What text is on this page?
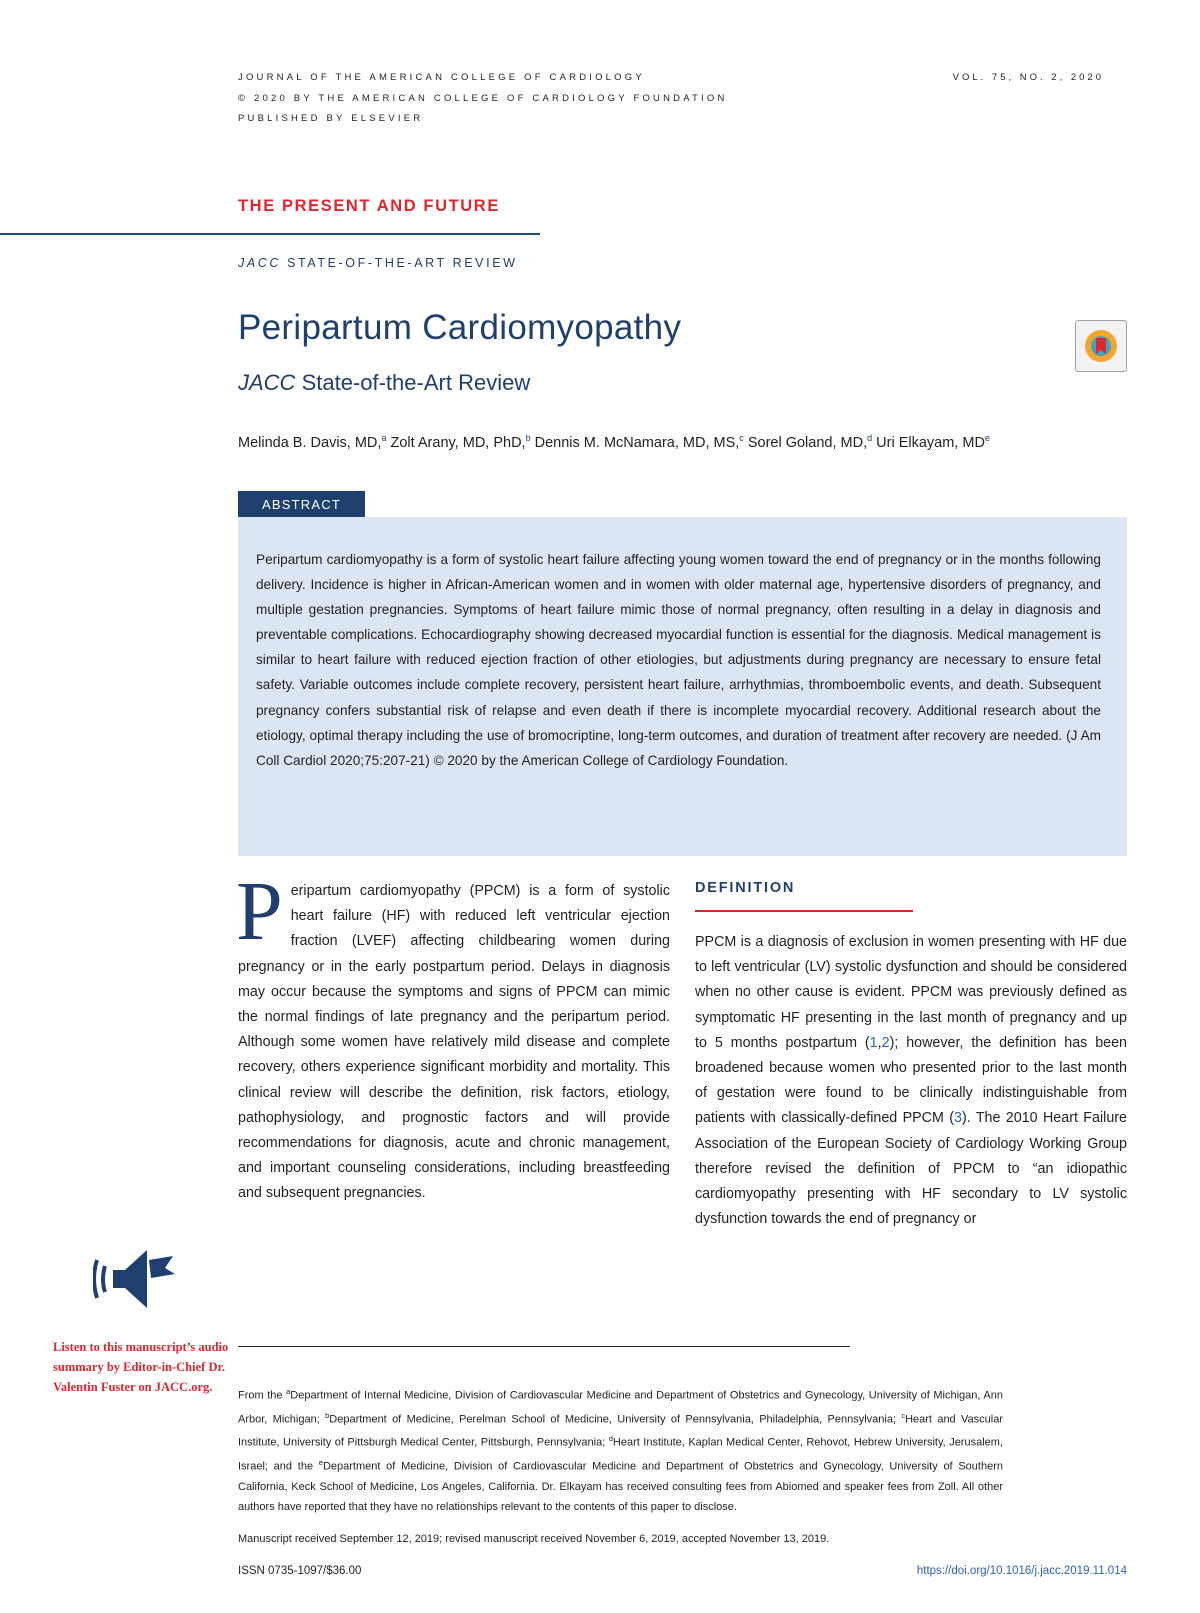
JOURNAL OF THE AMERICAN COLLEGE OF CARDIOLOGY
© 2020 BY THE AMERICAN COLLEGE OF CARDIOLOGY FOUNDATION
PUBLISHED BY ELSEVIER
VOL. 75, NO. 2, 2020
THE PRESENT AND FUTURE
JACC STATE-OF-THE-ART REVIEW
Peripartum Cardiomyopathy
JACC State-of-the-Art Review
Melinda B. Davis, MD,$^a$ Zolt Arany, MD, PhD,$^b$ Dennis M. McNamara, MD, MS,$^c$ Sorel Goland, MD,$^d$ Uri Elkayam, MDe
ABSTRACT
Peripartum cardiomyopathy is a form of systolic heart failure affecting young women toward the end of pregnancy or in the months following delivery. Incidence is higher in African-American women and in women with older maternal age, hypertensive disorders of pregnancy, and multiple gestation pregnancies. Symptoms of heart failure mimic those of normal pregnancy, often resulting in a delay in diagnosis and preventable complications. Echocardiography showing decreased myocardial function is essential for the diagnosis. Medical management is similar to heart failure with reduced ejection fraction of other etiologies, but adjustments during pregnancy are necessary to ensure fetal safety. Variable outcomes include complete recovery, persistent heart failure, arrhythmias, thromboembolic events, and death. Subsequent pregnancy confers substantial risk of relapse and even death if there is incomplete myocardial recovery. Additional research about the etiology, optimal therapy including the use of bromocriptine, long-term outcomes, and duration of treatment after recovery are needed. (J Am Coll Cardiol 2020;75:207-21) © 2020 by the American College of Cardiology Foundation.
Peripartum cardiomyopathy (PPCM) is a form of systolic heart failure (HF) with reduced left ventricular ejection fraction (LVEF) affecting childbearing women during pregnancy or in the early postpartum period. Delays in diagnosis may occur because the symptoms and signs of PPCM can mimic the normal findings of late pregnancy and the peripartum period. Although some women have relatively mild disease and complete recovery, others experience significant morbidity and mortality. This clinical review will describe the definition, risk factors, etiology, pathophysiology, and prognostic factors and will provide recommendations for diagnosis, acute and chronic management, and important counseling considerations, including breastfeeding and subsequent pregnancies.
DEFINITION
PPCM is a diagnosis of exclusion in women presenting with HF due to left ventricular (LV) systolic dysfunction and should be considered when no other cause is evident. PPCM was previously defined as symptomatic HF presenting in the last month of pregnancy and up to 5 months postpartum (1,2); however, the definition has been broadened because women who presented prior to the last month of gestation were found to be clinically indistinguishable from patients with classically-defined PPCM (3). The 2010 Heart Failure Association of the European Society of Cardiology Working Group therefore revised the definition of PPCM to “an idiopathic cardiomyopathy presenting with HF secondary to LV systolic dysfunction towards the end of pregnancy or
Listen to this manuscript’s audio summary by Editor-in-Chief Dr. Valentin Fuster on JACC.org.
From the $^a$Department of Internal Medicine, Division of Cardiovascular Medicine and Department of Obstetrics and Gynecology, University of Michigan, Ann Arbor, Michigan; $^b$Department of Medicine, Perelman School of Medicine, University of Pennsylvania, Philadelphia, Pennsylvania; $^c$Heart and Vascular Institute, University of Pittsburgh Medical Center, Pittsburgh, Pennsylvania; $^d$Heart Institute, Kaplan Medical Center, Rehovot, Hebrew University, Jerusalem, Israel; and the $^e$Department of Medicine, Division of Cardiovascular Medicine and Department of Obstetrics and Gynecology, University of Southern California, Keck School of Medicine, Los Angeles, California. Dr. Elkayam has received consulting fees from Abiomed and speaker fees from Zoll. All other authors have reported that they have no relationships relevant to the contents of this paper to disclose.
Manuscript received September 12, 2019; revised manuscript received November 6, 2019, accepted November 13, 2019.
ISSN 0735-1097/$36.00	https://doi.org/10.1016/j.jacc.2019.11.014
